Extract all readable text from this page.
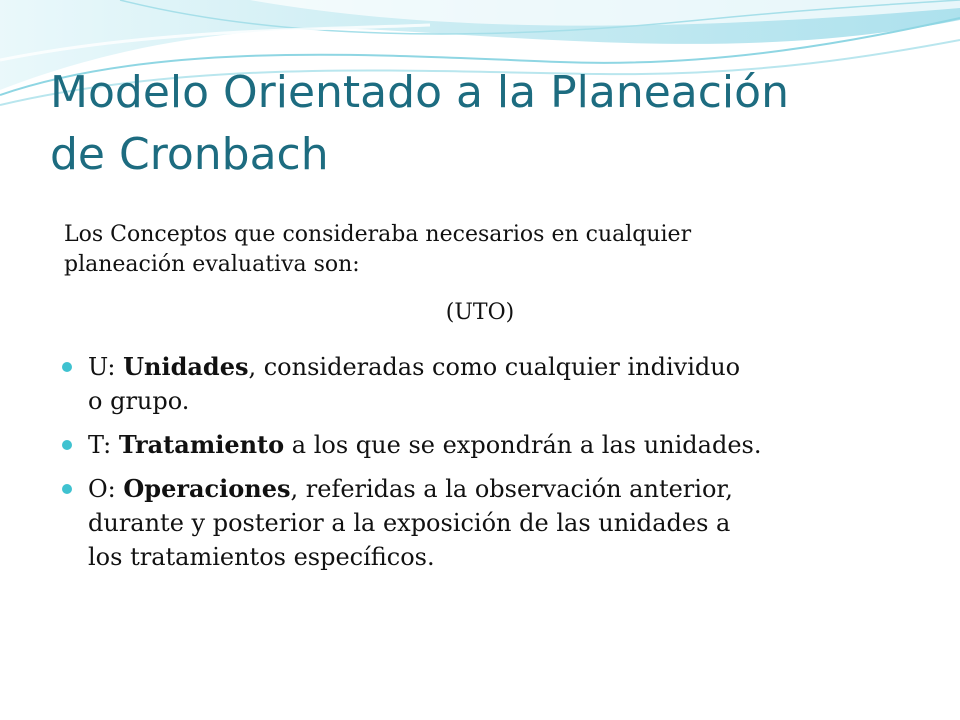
Modelo Orientado a la Planeación
de Cronbach

Los Conceptos que consideraba necesarios en cualquier
planeación evaluativa son:

(UTO)

U: Unidades, consideradas como cualquier individuo
o grupo.
T: Tratamiento a los que se expondrán a las unidades.
O: Operaciones, referidas a la observación anterior,
durante y posterior a la exposición de las unidades a
los tratamientos específicos.
